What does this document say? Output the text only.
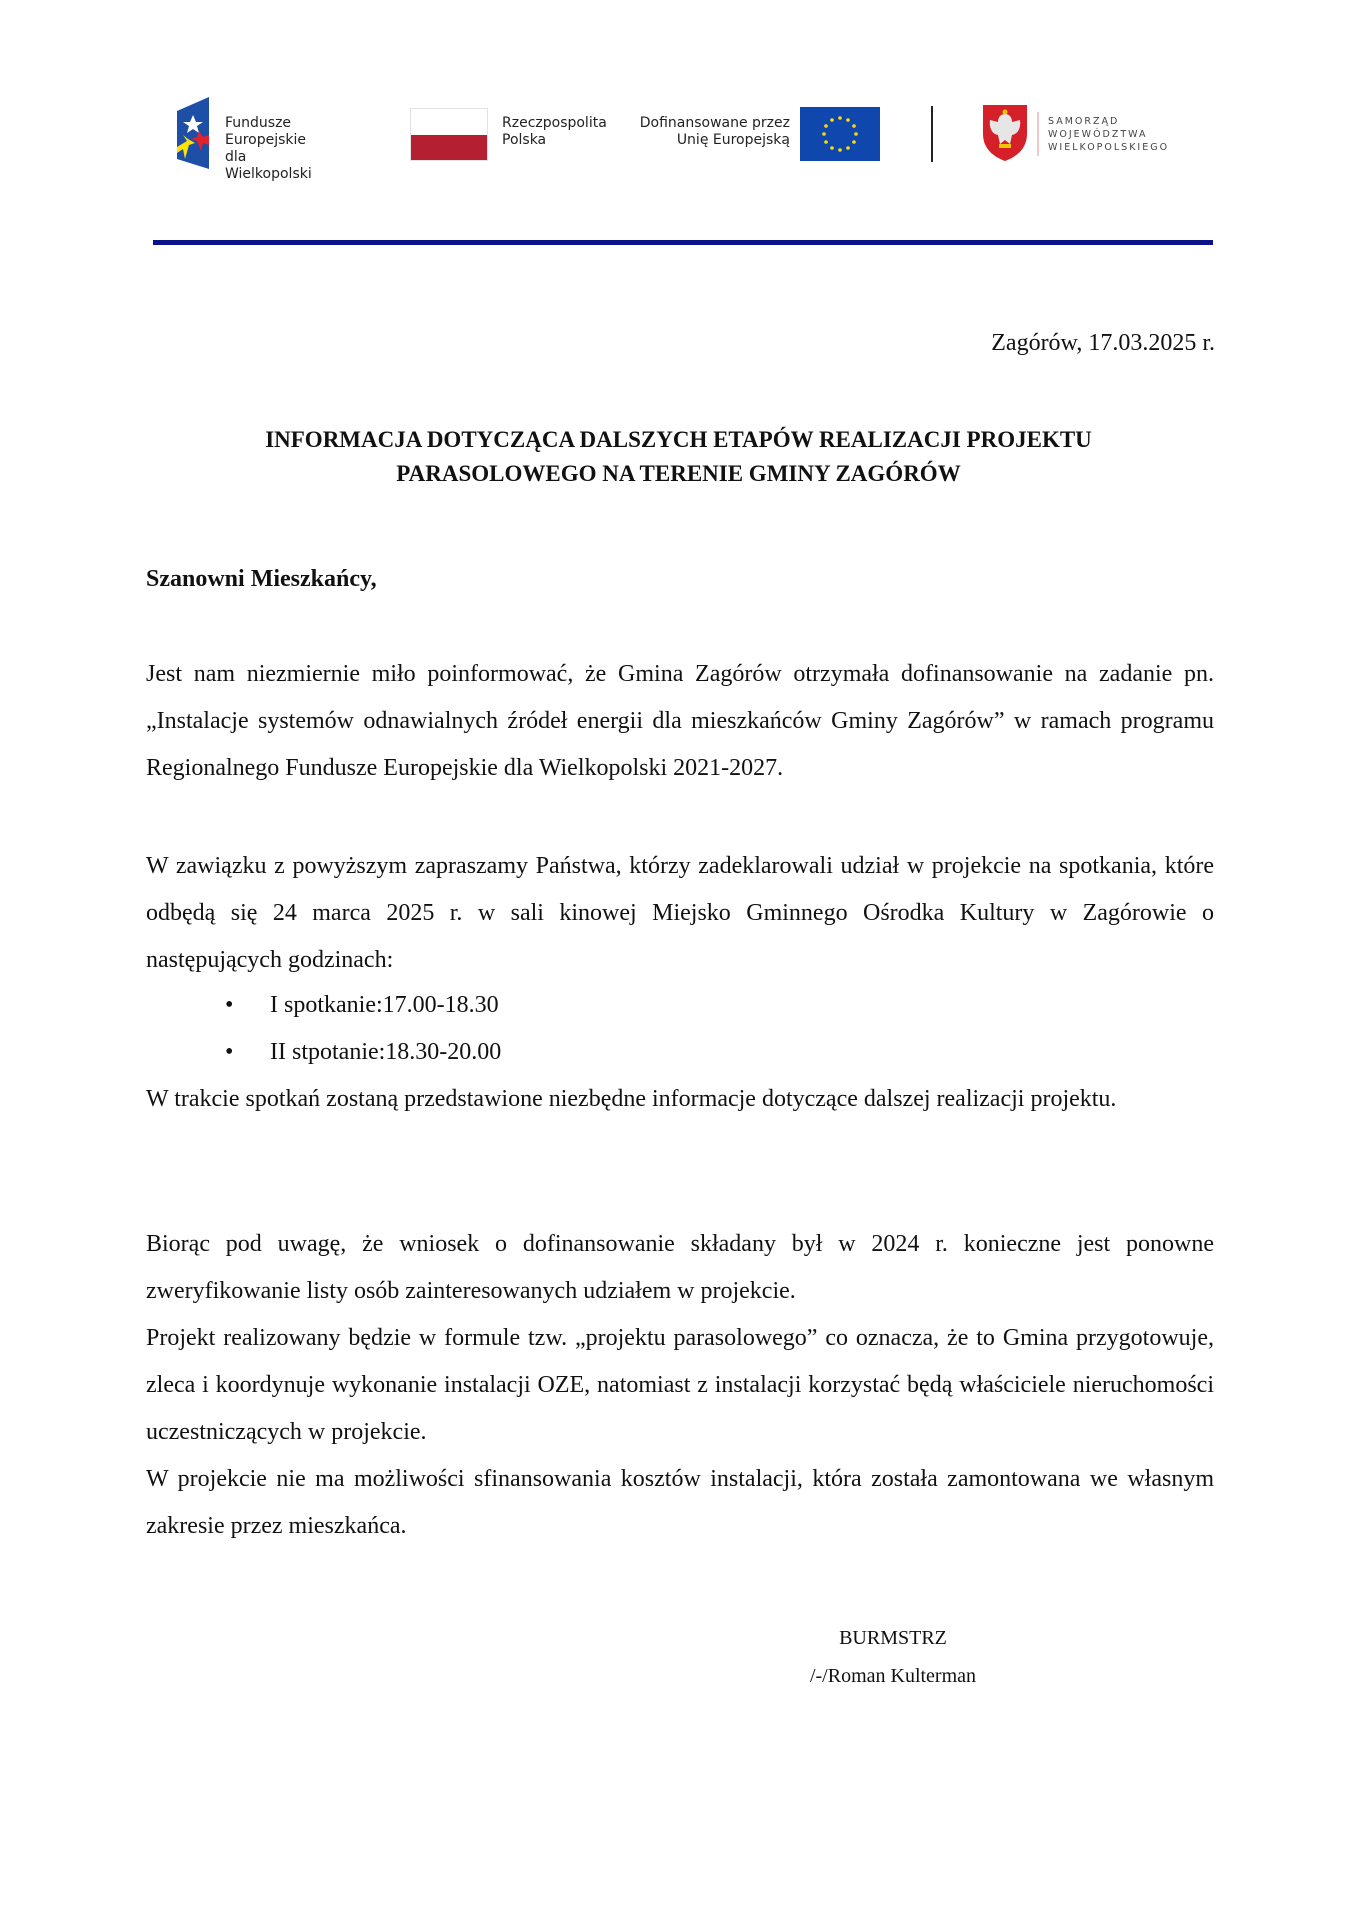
Fundusze Europejskie
dla Wielkopolski
Rzeczpospolita
Polska
Dofinansowane przez
Unię Europejską
SAMORZĄD
WOJEWÓDZTWA
WIELKOPOLSKIEGO
Zagórów, 17.03.2025 r.
INFORMACJA DOTYCZĄCA DALSZYCH ETAPÓW REALIZACJI PROJEKTU
PARASOLOWEGO NA TERENIE GMINY ZAGÓRÓW
Szanowni Mieszkańcy,

Jest nam niezmiernie miło poinformować, że Gmina Zagórów otrzymała dofinansowanie na zadanie pn. „Instalacje systemów odnawialnych źródeł energii dla mieszkańców Gminy Zagórów” w ramach programu Regionalnego Fundusze Europejskie dla Wielkopolski 2021-2027.

W zawiązku z powyższym zapraszamy Państwa, którzy zadeklarowali udział w projekcie na spotkania, które odbędą się 24 marca 2025 r. w sali kinowej Miejsko Gminnego Ośrodka Kultury w Zagórowie o następujących godzinach:

• I spotkanie:17.00-18.30
• II stpotanie:18.30-20.00

W trakcie spotkań zostaną przedstawione niezbędne informacje dotyczące dalszej realizacji projektu.

Biorąc pod uwagę, że wniosek o dofinansowanie składany był w 2024 r. konieczne jest ponowne zweryfikowanie listy osób zainteresowanych udziałem w projekcie.

Projekt realizowany będzie w formule tzw. „projektu parasolowego” co oznacza, że to Gmina przygotowuje, zleca i koordynuje wykonanie instalacji OZE, natomiast z instalacji korzystać będą właściciele nieruchomości uczestniczących w projekcie.

W projekcie nie ma możliwości sfinansowania kosztów instalacji, która została zamontowana we własnym zakresie przez mieszkańca.

BURMSTRZ
/-/Roman Kulterman
